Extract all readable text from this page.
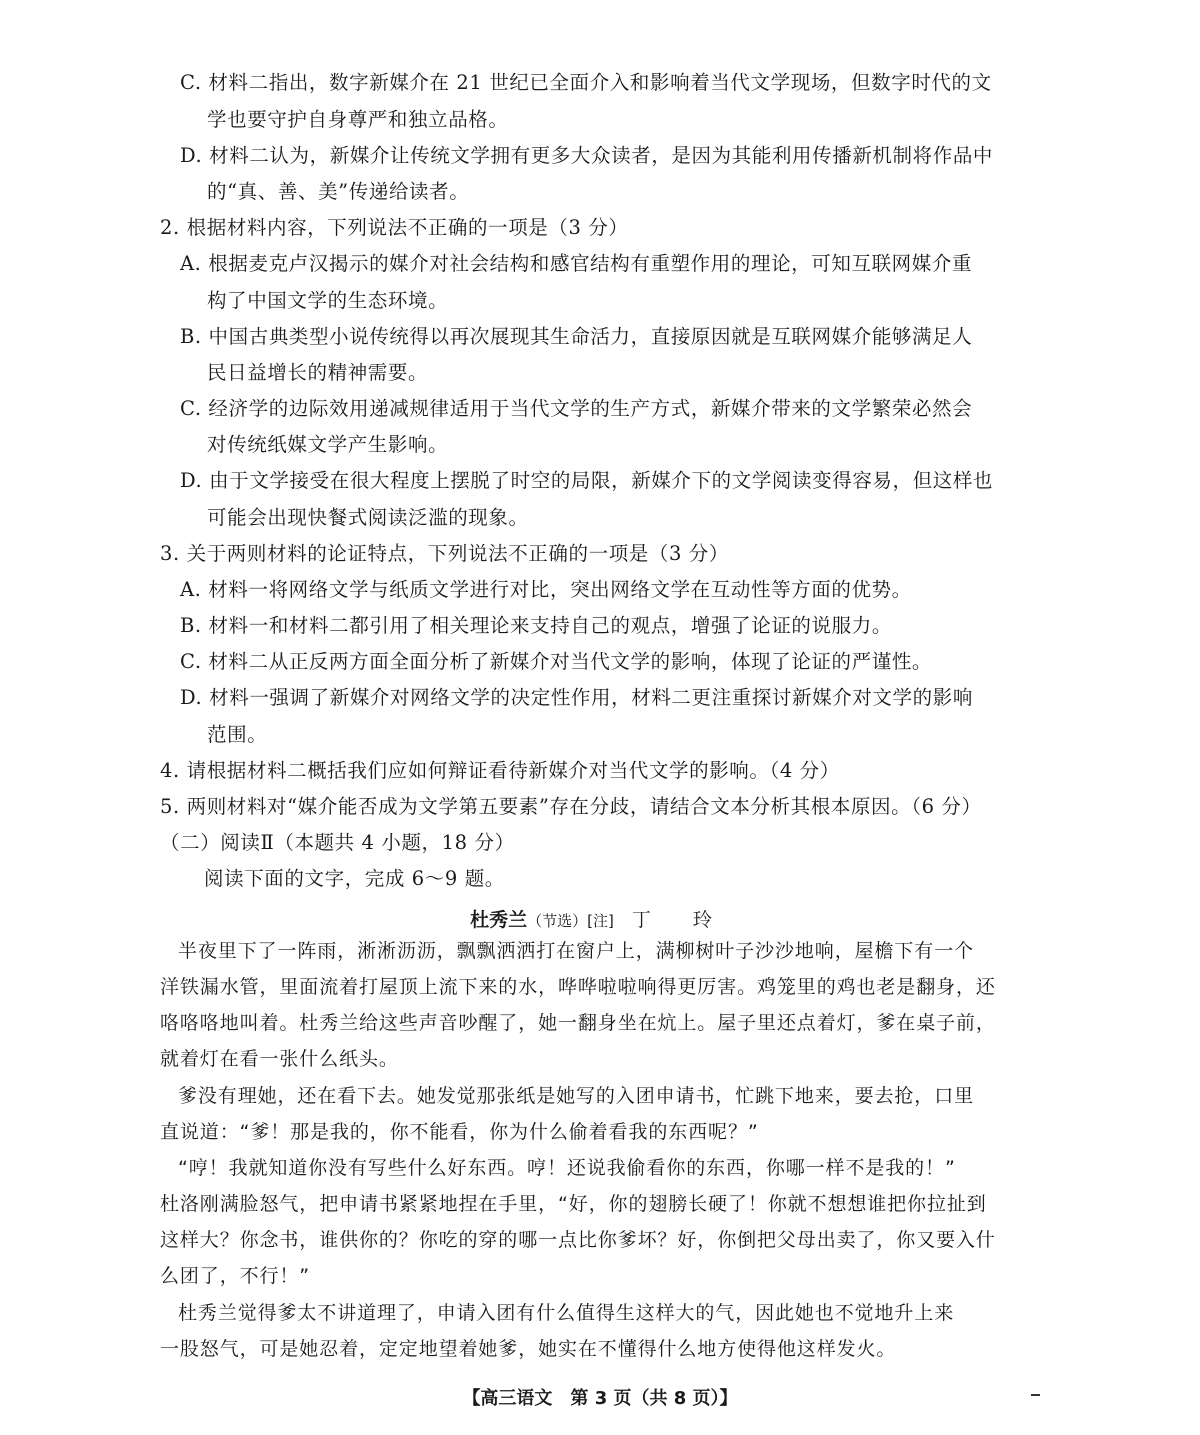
C. 材料二指出，数字新媒介在 21 世纪已全面介入和影响着当代文学现场，但数字时代的文
学也要守护自身尊严和独立品格。
D. 材料二认为，新媒介让传统文学拥有更多大众读者，是因为其能利用传播新机制将作品中
的“真、善、美”传递给读者。
2. 根据材料内容，下列说法不正确的一项是（3 分）
A. 根据麦克卢汉揭示的媒介对社会结构和感官结构有重塑作用的理论，可知互联网媒介重
构了中国文学的生态环境。
B. 中国古典类型小说传统得以再次展现其生命活力，直接原因就是互联网媒介能够满足人
民日益增长的精神需要。
C. 经济学的边际效用递减规律适用于当代文学的生产方式，新媒介带来的文学繁荣必然会
对传统纸媒文学产生影响。
D. 由于文学接受在很大程度上摆脱了时空的局限，新媒介下的文学阅读变得容易，但这样也
可能会出现快餐式阅读泛滥的现象。
3. 关于两则材料的论证特点，下列说法不正确的一项是（3 分）
A. 材料一将网络文学与纸质文学进行对比，突出网络文学在互动性等方面的优势。
B. 材料一和材料二都引用了相关理论来支持自己的观点，增强了论证的说服力。
C. 材料二从正反两方面全面分析了新媒介对当代文学的影响，体现了论证的严谨性。
D. 材料一强调了新媒介对网络文学的决定性作用，材料二更注重探讨新媒介对文学的影响
范围。
4. 请根据材料二概括我们应如何辩证看待新媒介对当代文学的影响。（4 分）
5. 两则材料对“媒介能否成为文学第五要素”存在分歧，请结合文本分析其根本原因。（6 分）
（二）阅读Ⅱ（本题共 4 小题，18 分）
阅读下面的文字，完成 6～9 题。
杜秀兰（节选）[注] 丁 玲
半夜里下了一阵雨，淅淅沥沥，飘飘洒洒打在窗户上，满柳树叶子沙沙地响，屋檐下有一个
洋铁漏水管，里面流着打屋顶上流下来的水，哗哗啦啦响得更厉害。鸡笼里的鸡也老是翻身，还
咯咯咯地叫着。杜秀兰给这些声音吵醒了，她一翻身坐在炕上。屋子里还点着灯，爹在桌子前，
就着灯在看一张什么纸头。
爹没有理她，还在看下去。她发觉那张纸是她写的入团申请书，忙跳下地来，要去抢，口里
直说道：“爹！那是我的，你不能看，你为什么偷着看我的东西呢？”
“哼！我就知道你没有写些什么好东西。哼！还说我偷看你的东西，你哪一样不是我的！”
杜洛刚满脸怒气，把申请书紧紧地捏在手里，“好，你的翅膀长硬了！你就不想想谁把你拉扯到
这样大？你念书，谁供你的？你吃的穿的哪一点比你爹坏？好，你倒把父母出卖了，你又要入什
么团了，不行！”
杜秀兰觉得爹太不讲道理了，申请入团有什么值得生这样大的气，因此她也不觉地升上来
一股怒气，可是她忍着，定定地望着她爹，她实在不懂得什么地方使得他这样发火。
【高三语文　第 3 页（共 8 页）】
